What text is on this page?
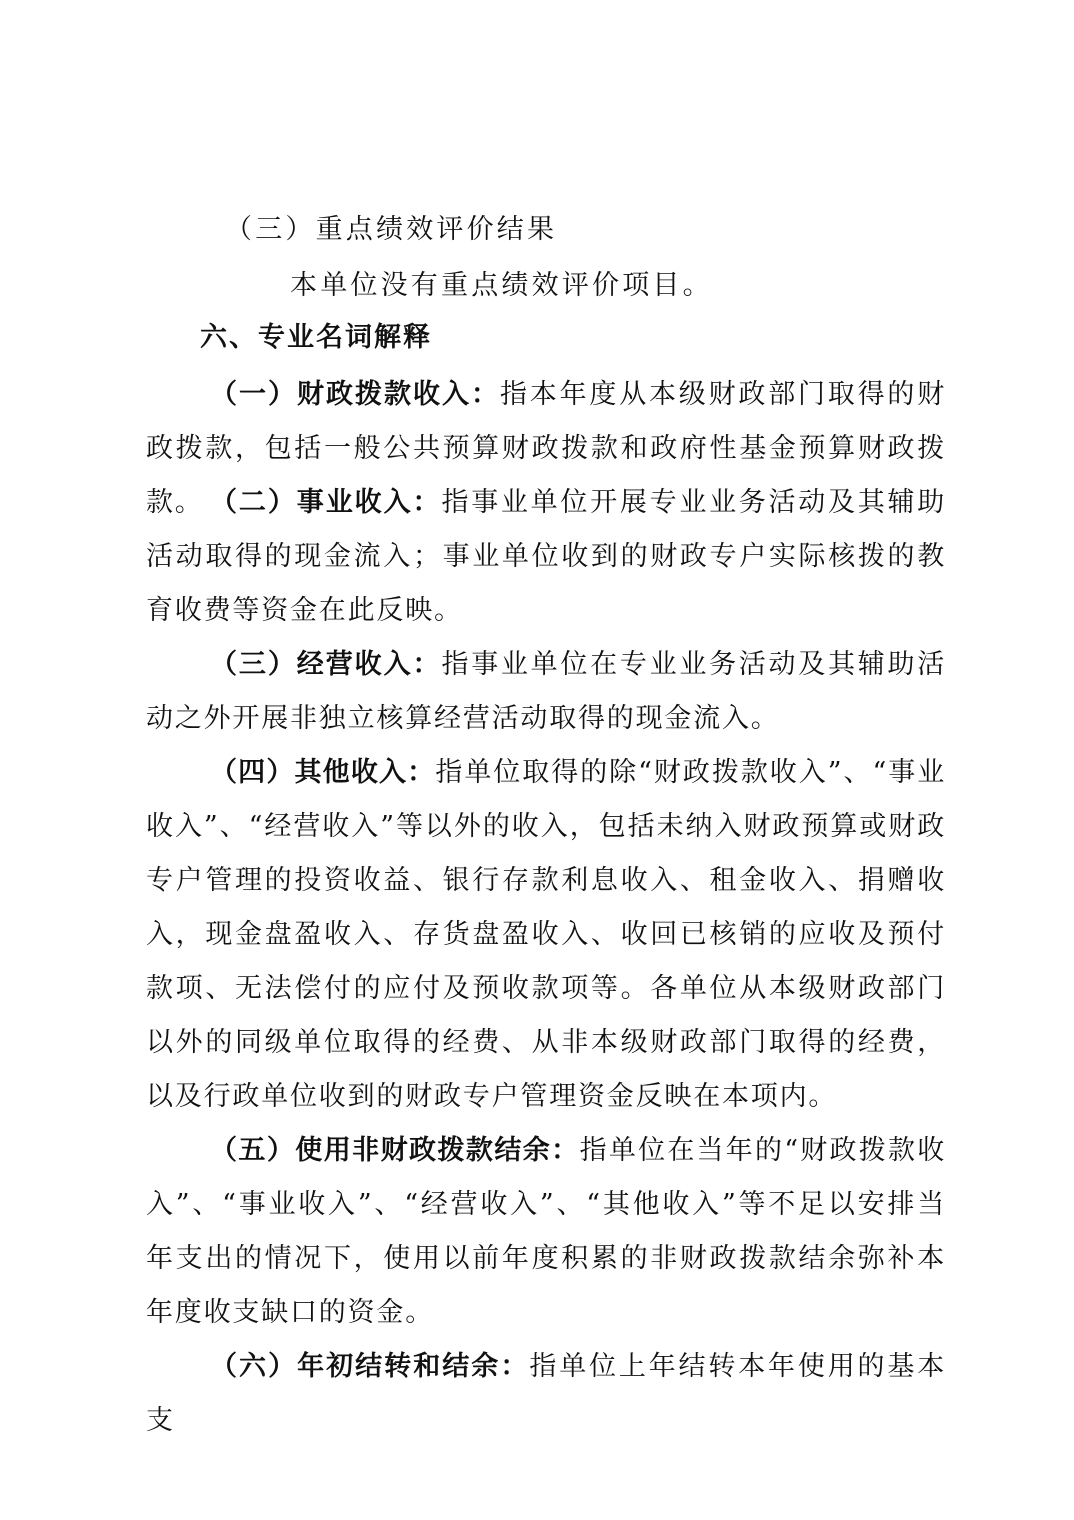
（三）重点绩效评价结果
本单位没有重点绩效评价项目。
六、专业名词解释

（一）财政拨款收入：指本年度从本级财政部门取得的财政拨款，包括一般公共预算财政拨款和政府性基金预算财政拨款。 （二）事业收入：指事业单位开展专业业务活动及其辅助活动取得的现金流入；事业单位收到的财政专户实际核拨的教育收费等资金在此反映。

（三）经营收入：指事业单位在专业业务活动及其辅助活动之外开展非独立核算经营活动取得的现金流入。

（四）其他收入：指单位取得的除“财政拨款收入”、“事业收入”、“经营收入”等以外的收入，包括未纳入财政预算或财政专户管理的投资收益、银行存款利息收入、租金收入、捐赠收入，现金盘盈收入、存货盘盈收入、收回已核销的应收及预付款项、无法偿付的应付及预收款项等。各单位从本级财政部门以外的同级单位取得的经费、从非本级财政部门取得的经费，以及行政单位收到的财政专户管理资金反映在本项内。

（五）使用非财政拨款结余：指单位在当年的“财政拨款收入”、“事业收入”、“经营收入”、“其他收入”等不足以安排当年支出的情况下，使用以前年度积累的非财政拨款结余弥补本年度收支缺口的资金。

（六）年初结转和结余：指单位上年结转本年使用的基本支
